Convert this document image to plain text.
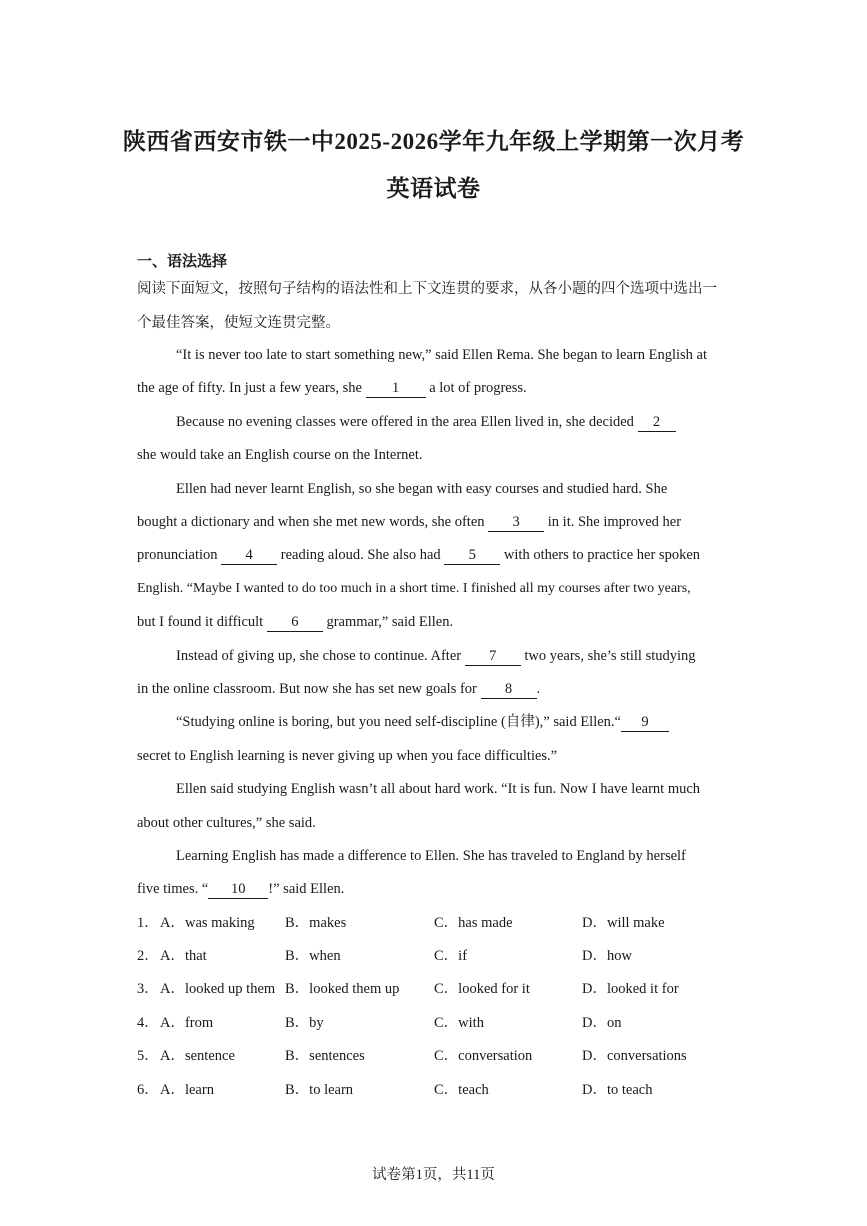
陕西省西安市铁一中2025-2026学年九年级上学期第一次月考
英语试卷
一、语法选择
阅读下面短文，按照句子结构的语法性和上下文连贯的要求，从各小题的四个选项中选出一
个最佳答案，使短文连贯完整。
“It is never too late to start something new,” said Ellen Rema. She began to learn English at
the age of fifty. In just a few years, she 1 a lot of progress.
Because no evening classes were offered in the area Ellen lived in, she decided 2
she would take an English course on the Internet.
Ellen had never learnt English, so she began with easy courses and studied hard. She
bought a dictionary and when she met new words, she often 3 in it. She improved her
pronunciation 4 reading aloud. She also had 5 with others to practice her spoken
English. “Maybe I wanted to do too much in a short time. I finished all my courses after two years,
but I found it difficult 6 grammar,” said Ellen.
Instead of giving up, she chose to continue. After 7 two years, she’s still studying
in the online classroom. But now she has set new goals for 8 .
“Studying online is boring, but you need self-discipline (自律),” said Ellen.“ 9
secret to English learning is never giving up when you face difficulties.”
Ellen said studying English wasn’t all about hard work. “It is fun. Now I have learnt much
about other cultures,” she said.
Learning English has made a difference to Ellen. She has traveled to England by herself
five times. “ 10 !” said Ellen.
1． A．was making B．makes	C．has made	D．will make
2． A．that	B．when	C．if	D．how
3． A．looked up them B．looked them up C．looked for it	D．looked it for
4． A．from	B．by	C．with	D．on
5． A．sentence	B．sentences	C．conversation	D．conversations
6． A．learn	B．to learn	C．teach	D．to teach
试卷第1页，共11页
